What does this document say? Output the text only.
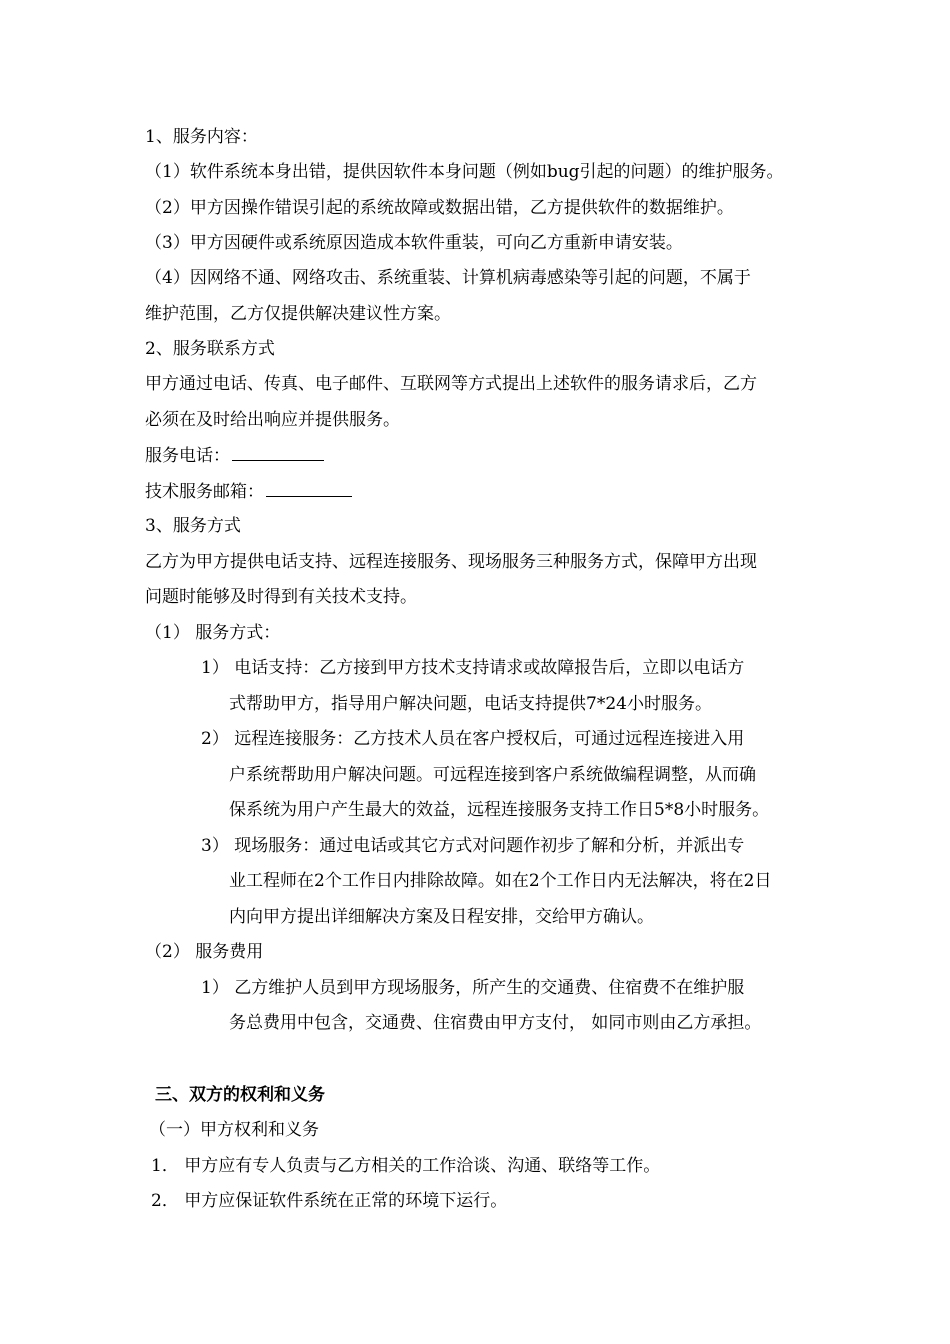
1、服务内容：
（1）软件系统本身出错，提供因软件本身问题（例如bug引起的问题）的维护服务。
（2）甲方因操作错误引起的系统故障或数据出错，乙方提供软件的数据维护。
（3）甲方因硬件或系统原因造成本软件重装，可向乙方重新申请安装。
（4）因网络不通、网络攻击、系统重装、计算机病毒感染等引起的问题，不属于
维护范围，乙方仅提供解决建议性方案。
2、服务联系方式
甲方通过电话、传真、电子邮件、互联网等方式提出上述软件的服务请求后，乙方
必须在及时给出响应并提供服务。
服务电话：
技术服务邮箱：
3、服务方式
乙方为甲方提供电话支持、远程连接服务、现场服务三种服务方式，保障甲方出现
问题时能够及时得到有关技术支持。
（1） 服务方式：
1） 电话支持：乙方接到甲方技术支持请求或故障报告后，立即以电话方
式帮助甲方，指导用户解决问题，电话支持提供7*24小时服务。
2） 远程连接服务：乙方技术人员在客户授权后，可通过远程连接进入用
户系统帮助用户解决问题。可远程连接到客户系统做编程调整，从而确
保系统为用户产生最大的效益，远程连接服务支持工作日5*8小时服务。
3） 现场服务：通过电话或其它方式对问题作初步了解和分析，并派出专
业工程师在2个工作日内排除故障。如在2个工作日内无法解决，将在2日
内向甲方提出详细解决方案及日程安排，交给甲方确认。
（2） 服务费用
1） 乙方维护人员到甲方现场服务，所产生的交通费、住宿费不在维护服
务总费用中包含，交通费、住宿费由甲方支付， 如同市则由乙方承担。
三、双方的权利和义务
（一）甲方权利和义务
1． 甲方应有专人负责与乙方相关的工作洽谈、沟通、联络等工作。
2． 甲方应保证软件系统在正常的环境下运行。
